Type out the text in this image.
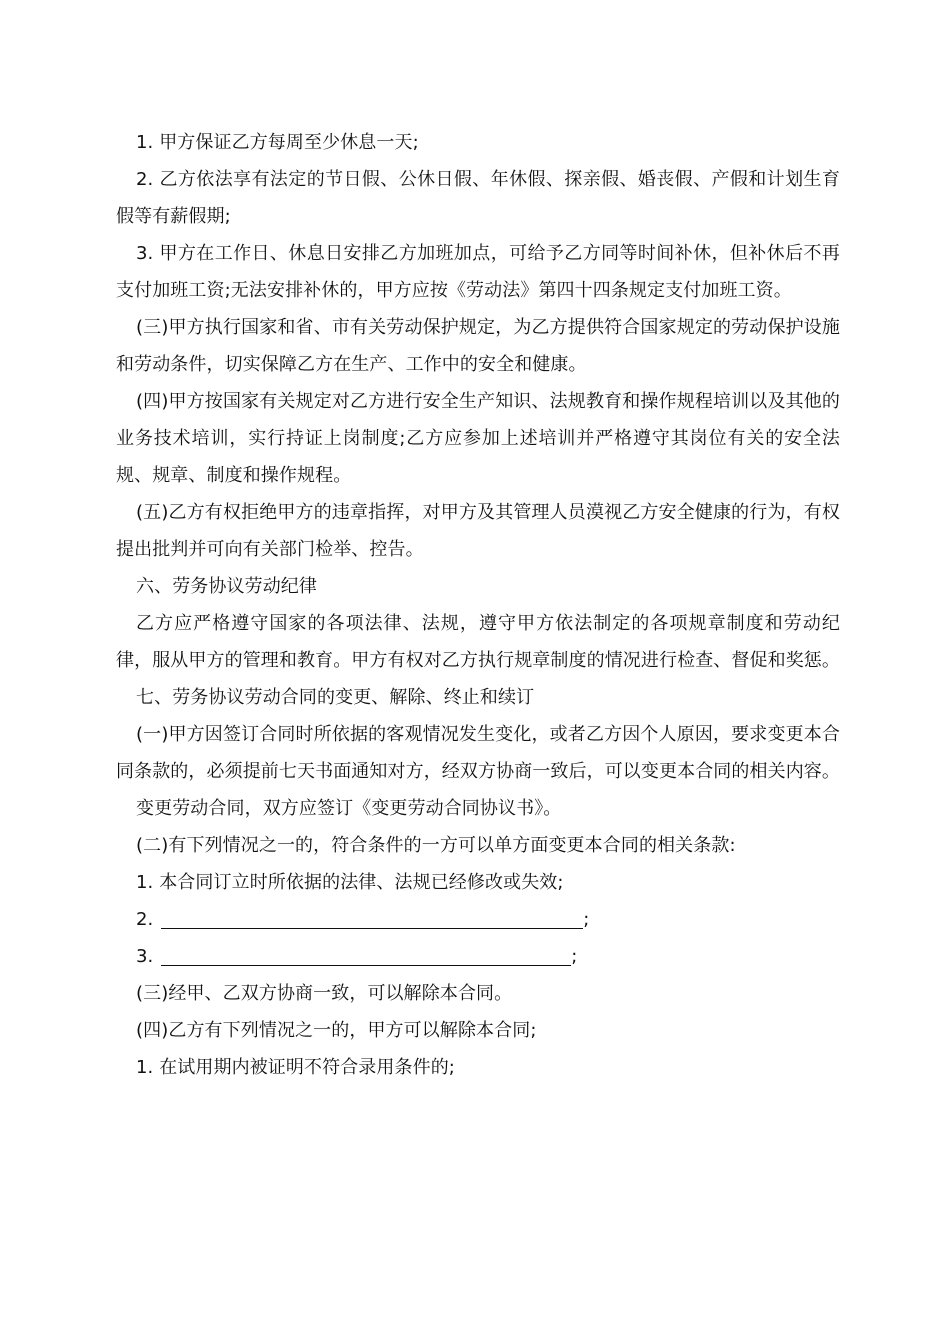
1. 甲方保证乙方每周至少休息一天;

2. 乙方依法享有法定的节日假、公休日假、年休假、探亲假、婚丧假、产假和计划生育假等有薪假期;

3. 甲方在工作日、休息日安排乙方加班加点，可给予乙方同等时间补休，但补休后不再支付加班工资;无法安排补休的，甲方应按《劳动法》第四十四条规定支付加班工资。

(三)甲方执行国家和省、市有关劳动保护规定，为乙方提供符合国家规定的劳动保护设施和劳动条件，切实保障乙方在生产、工作中的安全和健康。

(四)甲方按国家有关规定对乙方进行安全生产知识、法规教育和操作规程培训以及其他的业务技术培训，实行持证上岗制度;乙方应参加上述培训并严格遵守其岗位有关的安全法规、规章、制度和操作规程。

(五)乙方有权拒绝甲方的违章指挥，对甲方及其管理人员漠视乙方安全健康的行为，有权提出批判并可向有关部门检举、控告。

六、劳务协议劳动纪律

乙方应严格遵守国家的各项法律、法规，遵守甲方依法制定的各项规章制度和劳动纪律，服从甲方的管理和教育。甲方有权对乙方执行规章制度的情况进行检查、督促和奖惩。

七、劳务协议劳动合同的变更、解除、终止和续订

(一)甲方因签订合同时所依据的客观情况发生变化，或者乙方因个人原因，要求变更本合同条款的，必须提前七天书面通知对方，经双方协商一致后，可以变更本合同的相关内容。

变更劳动合同，双方应签订《变更劳动合同协议书》。

(二)有下列情况之一的，符合条件的一方可以单方面变更本合同的相关条款:

1. 本合同订立时所依据的法律、法规已经修改或失效;

2.	;

3.	;

(三)经甲、乙双方协商一致，可以解除本合同。

(四)乙方有下列情况之一的，甲方可以解除本合同;

1. 在试用期内被证明不符合录用条件的;
